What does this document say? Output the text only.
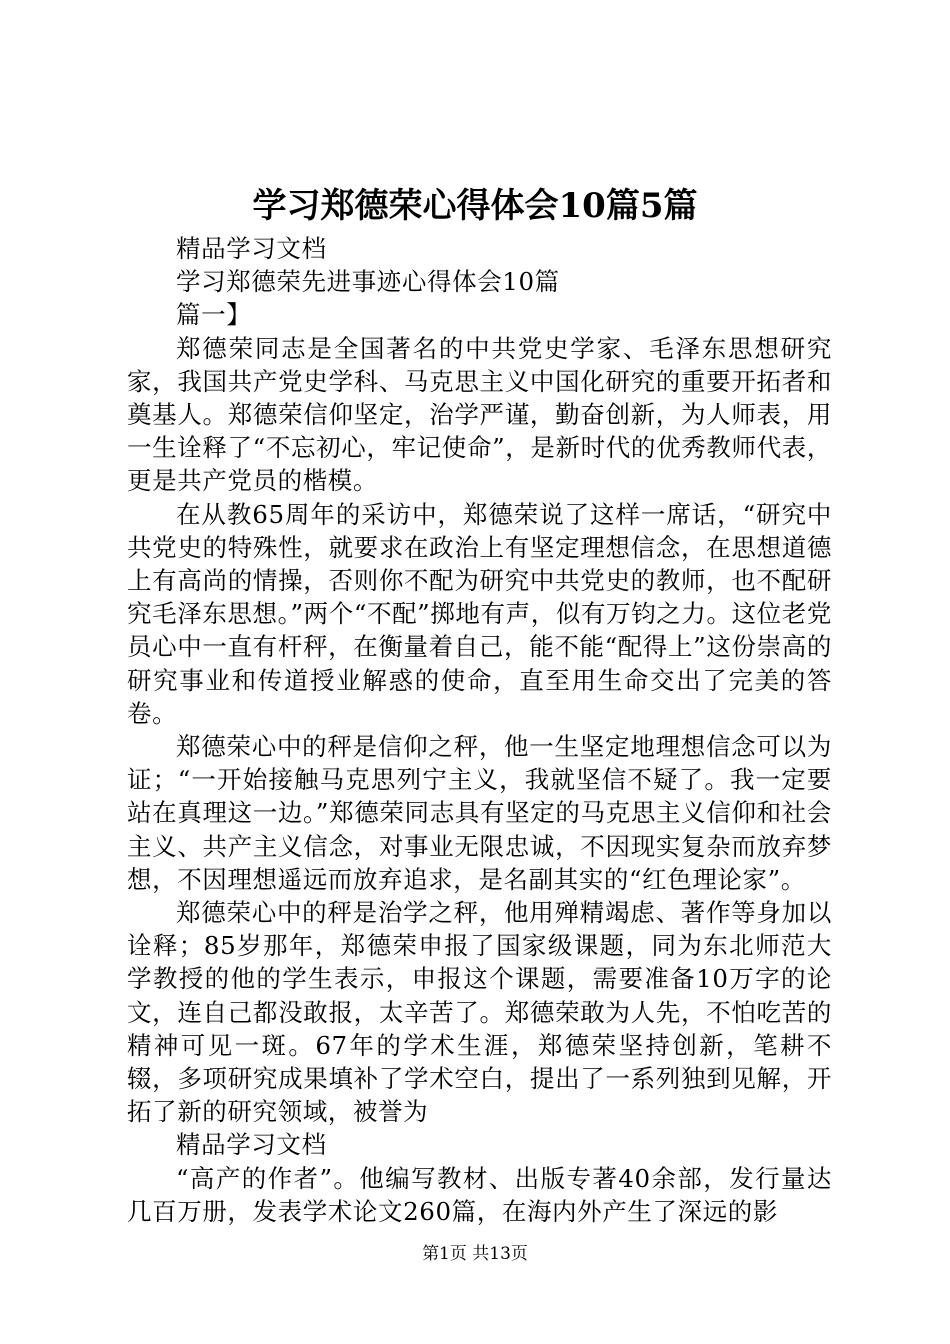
学习郑德荣心得体会10篇5篇

精品学习文档

学习郑德荣先进事迹心得体会10篇

篇一】

郑德荣同志是全国著名的中共党史学家、毛泽东思想研究家，我国共产党史学科、马克思主义中国化研究的重要开拓者和奠基人。郑德荣信仰坚定，治学严谨，勤奋创新，为人师表，用一生诠释了“不忘初心，牢记使命”，是新时代的优秀教师代表，更是共产党员的楷模。

在从教65周年的采访中，郑德荣说了这样一席话，“研究中共党史的特殊性，就要求在政治上有坚定理想信念，在思想道德上有高尚的情操，否则你不配为研究中共党史的教师，也不配研究毛泽东思想。”两个“不配”掷地有声，似有万钧之力。这位老党员心中一直有杆秤，在衡量着自己，能不能“配得上”这份崇高的研究事业和传道授业解惑的使命，直至用生命交出了完美的答卷。

郑德荣心中的秤是信仰之秤，他一生坚定地理想信念可以为证；“一开始接触马克思列宁主义，我就坚信不疑了。我一定要站在真理这一边。”郑德荣同志具有坚定的马克思主义信仰和社会主义、共产主义信念，对事业无限忠诚，不因现实复杂而放弃梦想，不因理想遥远而放弃追求，是名副其实的“红色理论家”。

郑德荣心中的秤是治学之秤，他用殚精竭虑、著作等身加以诠释；85岁那年，郑德荣申报了国家级课题，同为东北师范大学教授的他的学生表示，申报这个课题，需要准备10万字的论文，连自己都没敢报，太辛苦了。郑德荣敢为人先，不怕吃苦的精神可见一斑。67年的学术生涯，郑德荣坚持创新，笔耕不辍，多项研究成果填补了学术空白，提出了一系列独到见解，开拓了新的研究领域，被誉为

精品学习文档

“高产的作者”。他编写教材、出版专著40余部，发行量达几百万册，发表学术论文260篇，在海内外产生了深远的影

第1页 共13页
